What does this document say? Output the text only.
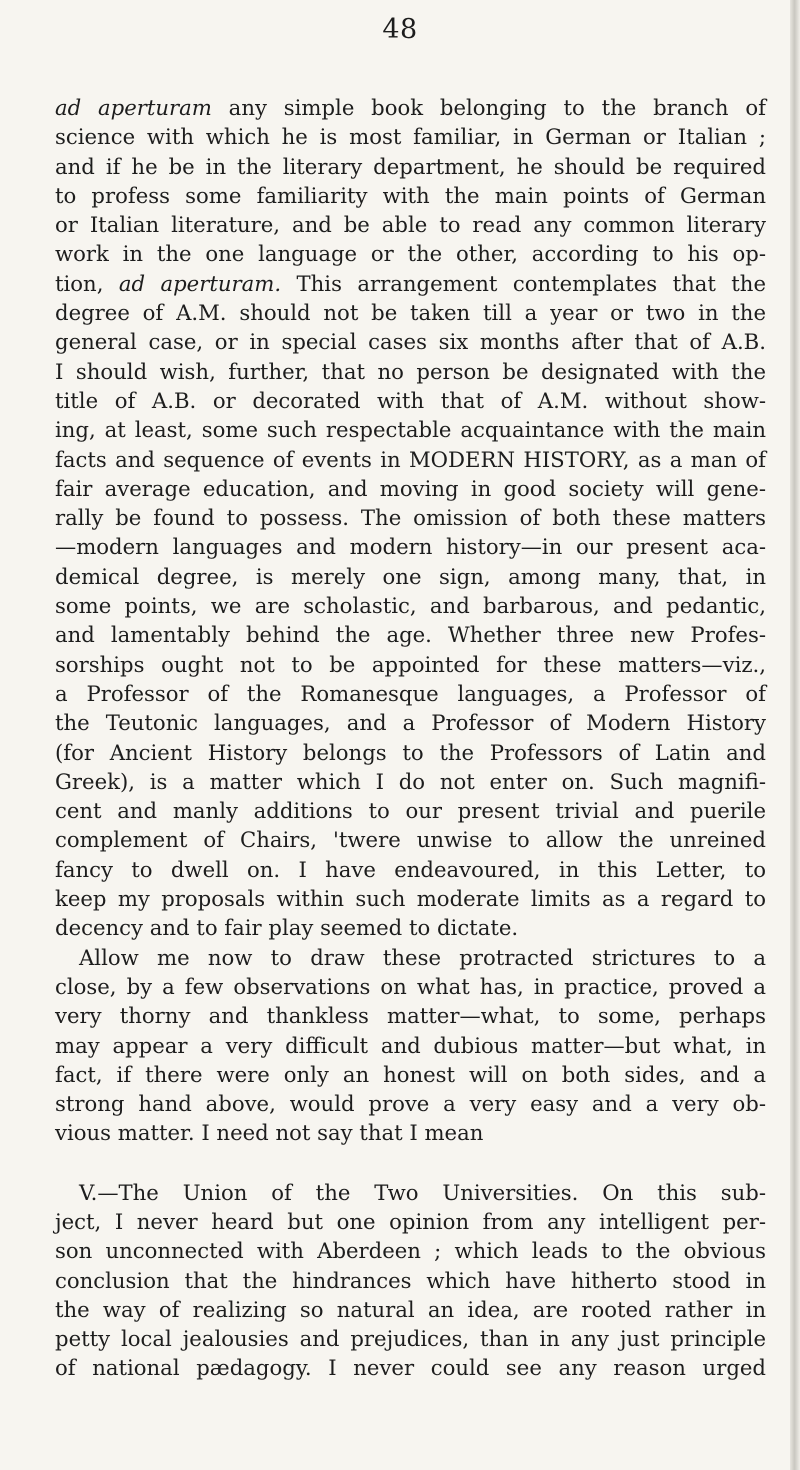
48
ad aperturam any simple book belonging to the branch of
science with which he is most familiar, in German or Italian ;
and if he be in the literary department, he should be required
to profess some familiarity with the main points of German
or Italian literature, and be able to read any common literary
work in the one language or the other, according to his op-
tion, ad aperturam. This arrangement contemplates that the
degree of A.M. should not be taken till a year or two in the
general case, or in special cases six months after that of A.B.
I should wish, further, that no person be designated with the
title of A.B. or decorated with that of A.M. without show-
ing, at least, some such respectable acquaintance with the main
facts and sequence of events in MODERN HISTORY, as a man of
fair average education, and moving in good society will gene-
rally be found to possess. The omission of both these matters
—modern languages and modern history—in our present aca-
demical degree, is merely one sign, among many, that, in
some points, we are scholastic, and barbarous, and pedantic,
and lamentably behind the age. Whether three new Profes-
sorships ought not to be appointed for these matters—viz.,
a Professor of the Romanesque languages, a Professor of
the Teutonic languages, and a Professor of Modern History
(for Ancient History belongs to the Professors of Latin and
Greek), is a matter which I do not enter on. Such magnifi-
cent and manly additions to our present trivial and puerile
complement of Chairs, 'twere unwise to allow the unreined
fancy to dwell on. I have endeavoured, in this Letter, to
keep my proposals within such moderate limits as a regard to
decency and to fair play seemed to dictate.
Allow me now to draw these protracted strictures to a
close, by a few observations on what has, in practice, proved a
very thorny and thankless matter—what, to some, perhaps
may appear a very difficult and dubious matter—but what, in
fact, if there were only an honest will on both sides, and a
strong hand above, would prove a very easy and a very ob-
vious matter. I need not say that I mean
V.—The Union of the Two Universities. On this sub-
ject, I never heard but one opinion from any intelligent per-
son unconnected with Aberdeen ; which leads to the obvious
conclusion that the hindrances which have hitherto stood in
the way of realizing so natural an idea, are rooted rather in
petty local jealousies and prejudices, than in any just principle
of national pædagogy. I never could see any reason urged
